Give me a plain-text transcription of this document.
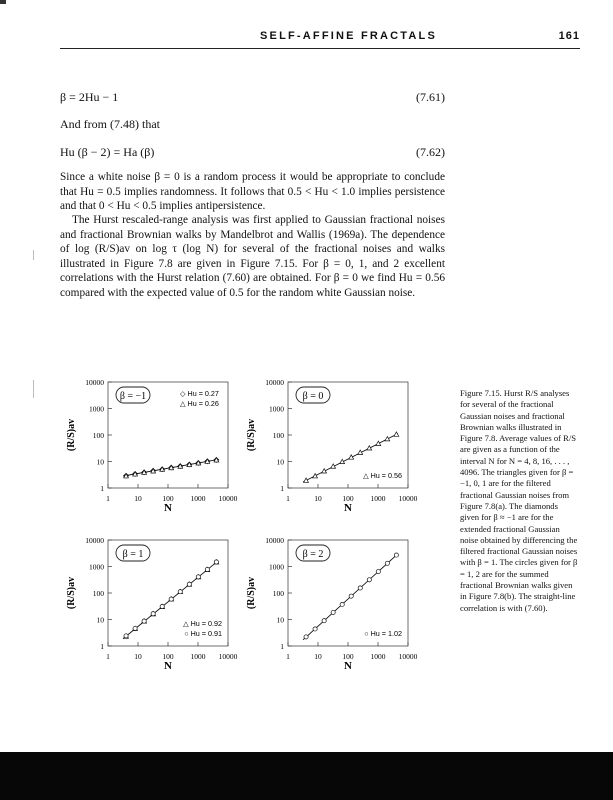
SELF-AFFINE FRACTALS	161
β = 2Hu − 1	(7.61)
And from (7.48) that
Hu (β − 2) = Ha (β)	(7.62)
Since a white noise β = 0 is a random process it would be appropriate to conclude that Hu = 0.5 implies randomness. It follows that 0.5 < Hu < 1.0 implies persistence and that 0 < Hu < 0.5 implies antipersistence.
The Hurst rescaled-range analysis was first applied to Gaussian fractional noises and fractional Brownian walks by Mandelbrot and Wallis (1969a). The dependence of log (R/S)av on log τ (log N) for several of the fractional noises and walks illustrated in Figure 7.8 are given in Figure 7.15. For β = 0, 1, and 2 excellent correlations with the Hurst relation (7.60) are obtained. For β = 0 we find Hu = 0.56 compared with the expected value of 0.5 for the random white Gaussian noise.
10000
1000
100
10
1
1	10	100 1000 10000
N
(R/S)av
β = −1	◇ Hu = 0.27
△ Hu = 0.26
10000
1000
100
10
1
1	10	100 1000 10000
N
(R/S)av
β = 0
△ Hu = 0.56
10000
1000
100
10
1
1	10	100 1000 10000
N
(R/S)av
β = 1
△ Hu = 0.92
○ Hu = 0.91
10000
1000
100
10
1
1	10	100 1000 10000
N
(R/S)av
β = 2
○ Hu = 1.02
Figure 7.15. Hurst R/S analyses for several of the fractional Gaussian noises and fractional Brownian walks illustrated in Figure 7.8. Average values of R/S are given as a function of the interval N for N = 4, 8, 16, . . . , 4096. The triangles given for β = −1, 0, 1 are for the filtered fractional Gaussian noises from Figure 7.8(a). The diamonds given for β ≈ −1 are for the extended fractional Gaussian noise obtained by differencing the filtered fractional Gaussian noises with β = 1. The circles given for β = 1, 2 are for the summed fractional Brownian walks given in Figure 7.8(b). The straight-line correlation is with (7.60).
